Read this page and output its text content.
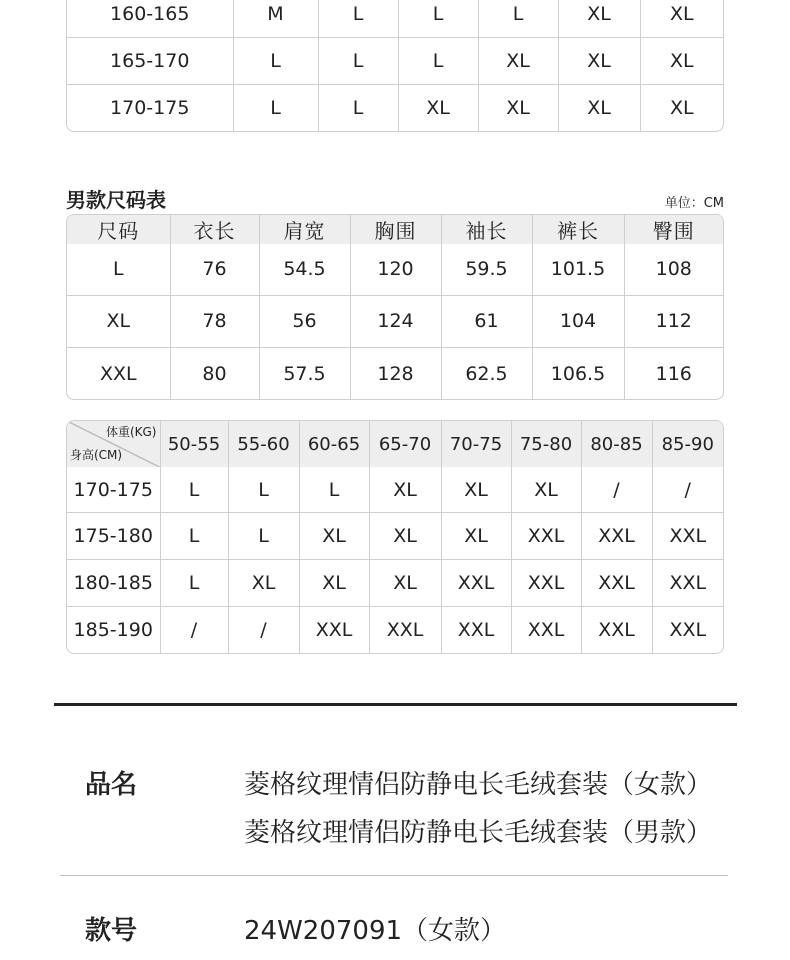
160-165	M	L	L	L	XL	XL
165-170	L	L	L	XL	XL	XL
170-175	L	L	XL	XL	XL	XL
男款尺码表	单位：CM
尺码	衣长	肩宽	胸围	袖长	裤长	臀围
L	76	54.5	120	59.5	101.5	108
XL	78	56	124	61	104	112
XXL	80	57.5	128	62.5	106.5	116
体重(KG)
身高(CM)	50-55	55-60	60-65	65-70	70-75	75-80	80-85	85-90
170-175	L	L	L	XL	XL	XL	/	/
175-180	L	L	XL	XL	XL	XXL	XXL	XXL
180-185	L	XL	XL	XL	XXL	XXL	XXL	XXL
185-190	/	/	XXL	XXL	XXL	XXL	XXL	XXL
品名	菱格纹理情侣防静电长毛绒套装（女款）
菱格纹理情侣防静电长毛绒套装（男款）
款号	24W207091（女款）
